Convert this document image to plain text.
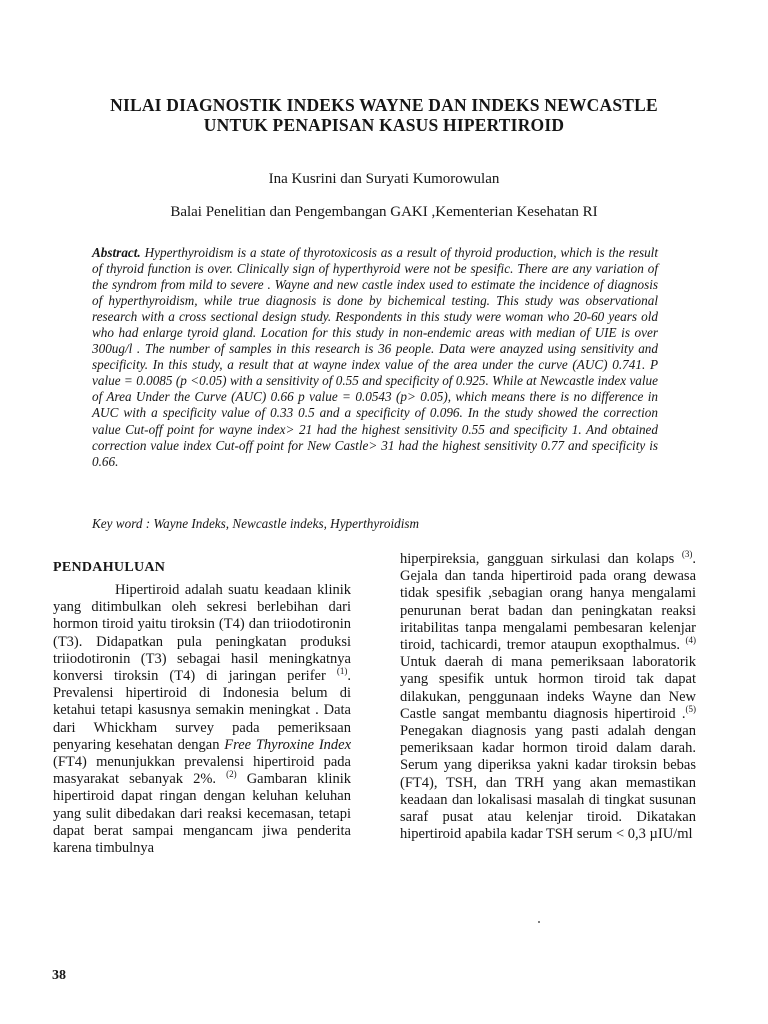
NILAI DIAGNOSTIK INDEKS WAYNE DAN INDEKS NEWCASTLE
UNTUK PENAPISAN KASUS HIPERTIROID

Ina Kusrini dan Suryati Kumorowulan

Balai Penelitian dan Pengembangan GAKI ,Kementerian Kesehatan RI

Abstract. Hyperthyroidism is a state of thyrotoxicosis as a result of thyroid production, which is the result of thyroid function is over. Clinically sign of hyperthyroid were not be spesific. There are any variation of the syndrom from mild to severe . Wayne and new castle index used to estimate the incidence of diagnosis of hyperthyroidism, while true diagnosis is done by bichemical testing. This study was observational research with a cross sectional design study. Respondents in this study were woman who 20-60 years old who had enlarge tyroid gland. Location for this study in non-endemic areas with median of UIE is over 300ug/l . The number of samples in this research is 36 people. Data were anayzed using sensitivity and specificity. In this study, a result that at wayne index value of the area under the curve (AUC) 0.741. P value = 0.0085 (p <0.05) with a sensitivity of 0.55 and specificity of 0.925. While at Newcastle index value of Area Under the Curve (AUC) 0.66 p value = 0.0543 (p> 0.05), which means there is no difference in AUC with a specificity value of 0.33 0.5 and a specificity of 0.096. In the study showed the correction value Cut-off point for wayne index> 21 had the highest sensitivity 0.55 and specificity 1. And obtained correction value index Cut-off point for New Castle> 31 had the highest sensitivity 0.77 and specificity is 0.66.

Key word : Wayne Indeks, Newcastle indeks, Hyperthyroidism

PENDAHULUAN

Hipertiroid adalah suatu keadaan klinik yang ditimbulkan oleh sekresi berlebihan dari hormon tiroid yaitu tiroksin (T4) dan triiodotironin (T3). Didapatkan pula peningkatan produksi triiodotironin (T3) sebagai hasil meningkatnya konversi tiroksin (T4) di jaringan perifer $^{(1)}$. Prevalensi hipertiroid di Indonesia belum di ketahui tetapi kasusnya semakin meningkat . Data dari Whickham survey pada pemeriksaan penyaring kesehatan dengan Free Thyroxine Index (FT4) menunjukkan prevalensi hipertiroid pada masyarakat sebanyak 2%. $^{(2)}$ Gambaran klinik hipertiroid dapat ringan dengan keluhan keluhan yang sulit dibedakan dari reaksi kecemasan, tetapi dapat berat sampai mengancam jiwa penderita karena timbulnya

hiperpireksia, gangguan sirkulasi dan kolaps $^{(3)}$. Gejala dan tanda hipertiroid pada orang dewasa tidak spesifik ,sebagian orang hanya mengalami penurunan berat badan dan peningkatan reaksi iritabilitas tanpa mengalami pembesaran kelenjar tiroid, tachicardi, tremor ataupun exopthalmus. $^{(4)}$ Untuk daerah di mana pemeriksaan laboratorik yang spesifik untuk hormon tiroid tak dapat dilakukan, penggunaan indeks Wayne dan New Castle sangat membantu diagnosis hipertiroid .$^{(5)}$ Penegakan diagnosis yang pasti adalah dengan pemeriksaan kadar hormon tiroid dalam darah. Serum yang diperiksa yakni kadar tiroksin bebas (FT4), TSH, dan TRH yang akan memastikan keadaan dan lokalisasi masalah di tingkat susunan saraf pusat atau kelenjar tiroid. Dikatakan hipertiroid apabila kadar TSH serum < 0,3 µIU/ml

38
